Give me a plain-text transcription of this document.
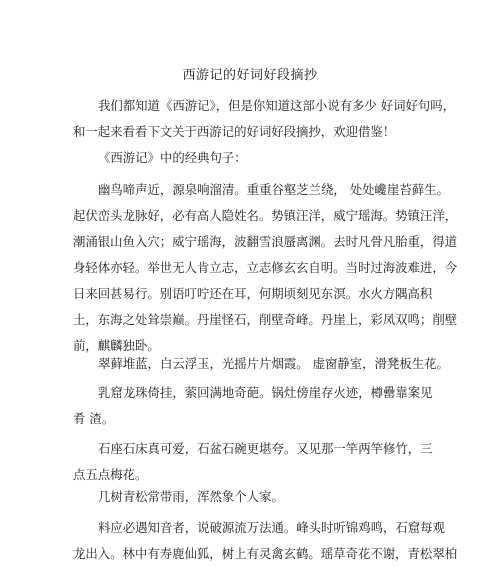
西游记的好词好段摘抄

我们都知道《西游记》，但是你知道这部小说有多少 好词好句吗，
和一起来看看下文关于西游记的好词好段摘抄，欢迎借鉴！

《西游记》中的经典句子：

幽鸟啼声近，源泉响溜清。重重谷壑芝兰绕， 处处巉崖苔藓生。
起伏峦头龙脉好，必有高人隐姓名。势镇汪洋，威宁瑶海。势镇汪洋，
潮涌银山鱼入穴；威宁瑶海，波翻雪浪蜃离渊。去时凡骨凡胎重，得道
身轻体亦轻。举世无人肯立志，立志修玄玄自明。当时过海波难进，今
日来回甚易行。别语叮咛还在耳，何期顷刻见东溟。水火方隅高积

土，东海之处耸崇巅。丹崖怪石，削壁奇峰。丹崖上，彩凤双鸣；削壁
前，麒麟独卧。

翠藓堆蓝，白云浮玉，光摇片片烟霞。 虚窗静室，滑凳板生花。

乳窟龙珠倚挂，萦回满地奇葩。锅灶傍崖存火迹，樽罍靠案见
肴 渣。

石座石床真可爱，石盆石碗更堪夸。又见那一竿两竿修竹，三
点五点梅花。

几树青松常带雨，浑然象个人家。

料应必遇知音者，说破源流万法通。峰头时听锦鸡鸣，石窟每观
龙出入。林中有寿鹿仙狐，树上有灵禽玄鹤。瑶草奇花不谢，青松翠柏
